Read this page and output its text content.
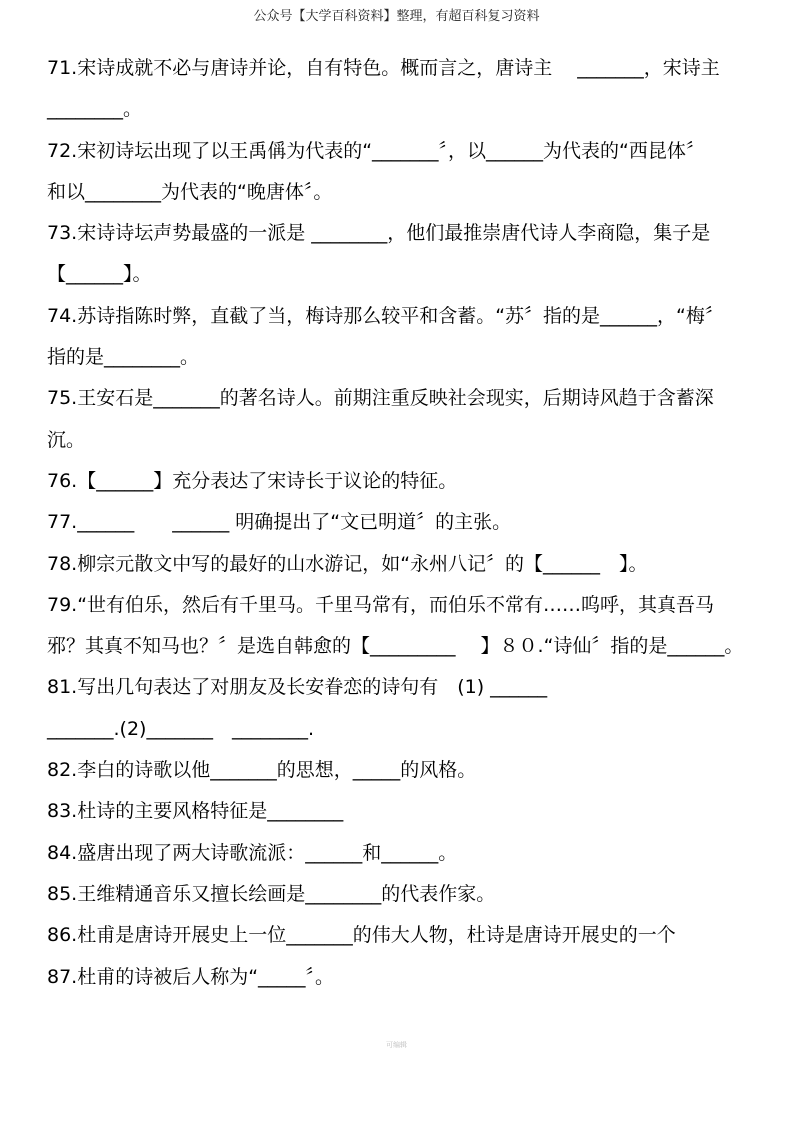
公众号【大学百科资料】整理，有超百科复习资料
71.宋诗成就不必与唐诗并论，自有特色。概而言之，唐诗主　 _______，宋诗主
________。
72.宋初诗坛出现了以王禹偁为代表的“_______〞，以______为代表的“西昆体〞
和以________为代表的“晚唐体〞。
73.宋诗诗坛声势最盛的一派是 ________，他们最推崇唐代诗人李商隐，集子是
【______】。
74.苏诗指陈时弊，直截了当，梅诗那么较平和含蓄。“苏〞指的是______，“梅〞
指的是________。
75.王安石是_______的著名诗人。前期注重反映社会现实，后期诗风趋于含蓄深
沉。
76.【______】充分表达了宋诗长于议论的特征。
77.______　　______ 明确提出了“文已明道〞的主张。
78.柳宗元散文中写的最好的山水游记，如“永州八记〞的【______　】。
79.“世有伯乐，然后有千里马。千里马常有，而伯乐不常有……呜呼，其真吾马
邪？其真不知马也？〞是选自韩愈的【_________　 】８０.“诗仙〞指的是______。
81.写出几句表达了对朋友及长安眷恋的诗句有　(1) ______
_______.(2)_______　________.
82.李白的诗歌以他_______的思想，_____的风格。
83.杜诗的主要风格特征是________
84.盛唐出现了两大诗歌流派：______和______。
85.王维精通音乐又擅长绘画是________的代表作家。
86.杜甫是唐诗开展史上一位_______的伟大人物，杜诗是唐诗开展史的一个
87.杜甫的诗被后人称为“_____〞。
可编辑
